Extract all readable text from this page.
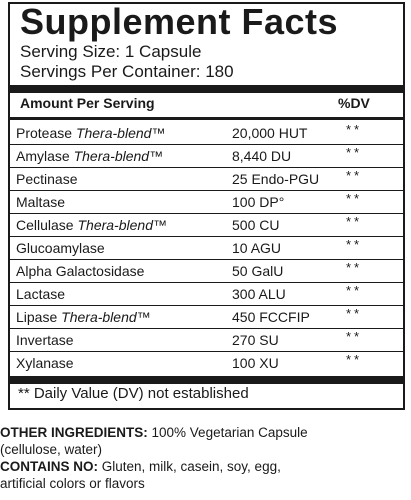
Supplement Facts
Serving Size: 1 Capsule
Servings Per Container: 180
Amount Per Serving	%DV
Protease Thera-blend™	20,000 HUT	**
Amylase Thera-blend™	8,440 DU	**
Pectinase	25 Endo-PGU **
Maltase	100 DP°	**
Cellulase Thera-blend™	500 CU	**
Glucoamylase	10 AGU	**
Alpha Galactosidase	50 GalU	**
Lactase	300 ALU	**
Lipase Thera-blend™	450 FCCFIP	**
Invertase	270 SU	**
Xylanase	100 XU	**
** Daily Value (DV) not established
OTHER INGREDIENTS: 100% Vegetarian Capsule
(cellulose, water)
CONTAINS NO: Gluten, milk, casein, soy, egg,
artificial colors or flavors
